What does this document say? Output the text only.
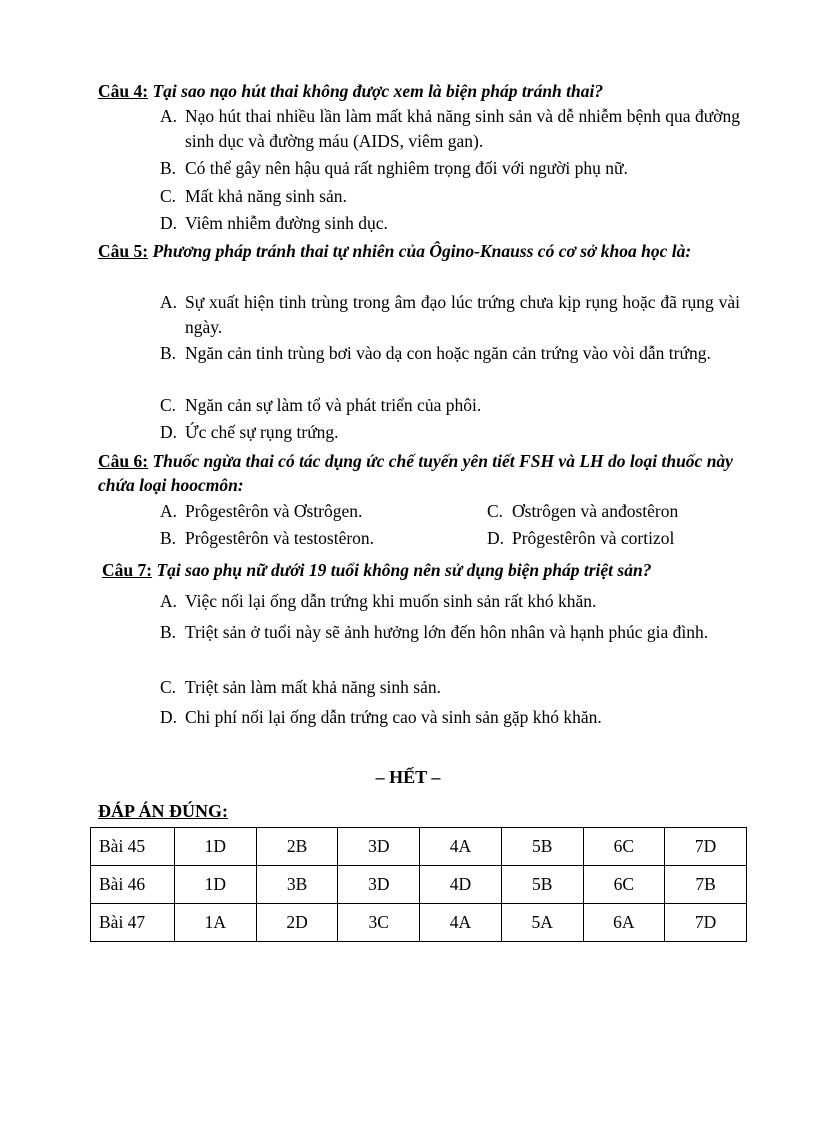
Câu 4: Tại sao nạo hút thai không được xem là biện pháp tránh thai?
A. Nạo hút thai nhiều lần làm mất khả năng sinh sản và dễ nhiễm bệnh qua đường sinh dục và đường máu (AIDS, viêm gan).
B. Có thể gây nên hậu quả rất nghiêm trọng đối với người phụ nữ.
C. Mất khả năng sinh sản.
D. Viêm nhiễm đường sinh dục.
Câu 5: Phương pháp tránh thai tự nhiên của Ôgino-Knauss có cơ sở khoa học là:
A. Sự xuất hiện tinh trùng trong âm đạo lúc trứng chưa kịp rụng hoặc đã rụng vài ngày.
B. Ngăn cản tinh trùng bơi vào dạ con hoặc ngăn cản trứng vào vòi dẫn trứng.
C. Ngăn cản sự làm tổ và phát triển của phôi.
D. Ức chế sự rụng trứng.
Câu 6: Thuốc ngừa thai có tác dụng ức chế tuyến yên tiết FSH và LH do loại thuốc này chứa loại hoocmôn:
A. Prôgestêrôn và Ơstrôgen.	C. Ơstrôgen và anđostêron
B. Prôgestêrôn và testostêron.	D. Prôgestêrôn và cortizol
Câu 7: Tại sao phụ nữ dưới 19 tuổi không nên sử dụng biện pháp triệt sản?
A. Việc nối lại ống dẫn trứng khi muốn sinh sản rất khó khăn.
B. Triệt sản ở tuổi này sẽ ảnh hưởng lớn đến hôn nhân và hạnh phúc gia đình.
C. Triệt sản làm mất khả năng sinh sản.
D. Chi phí nối lại ống dẫn trứng cao và sinh sản gặp khó khăn.
– HẾT –
ĐÁP ÁN ĐÚNG:
Bài 45	1D	2B	3D	4A	5B	6C	7D
Bài 46	1D	3B	3D	4D	5B	6C	7B
Bài 47	1A	2D	3C	4A	5A	6A	7D
